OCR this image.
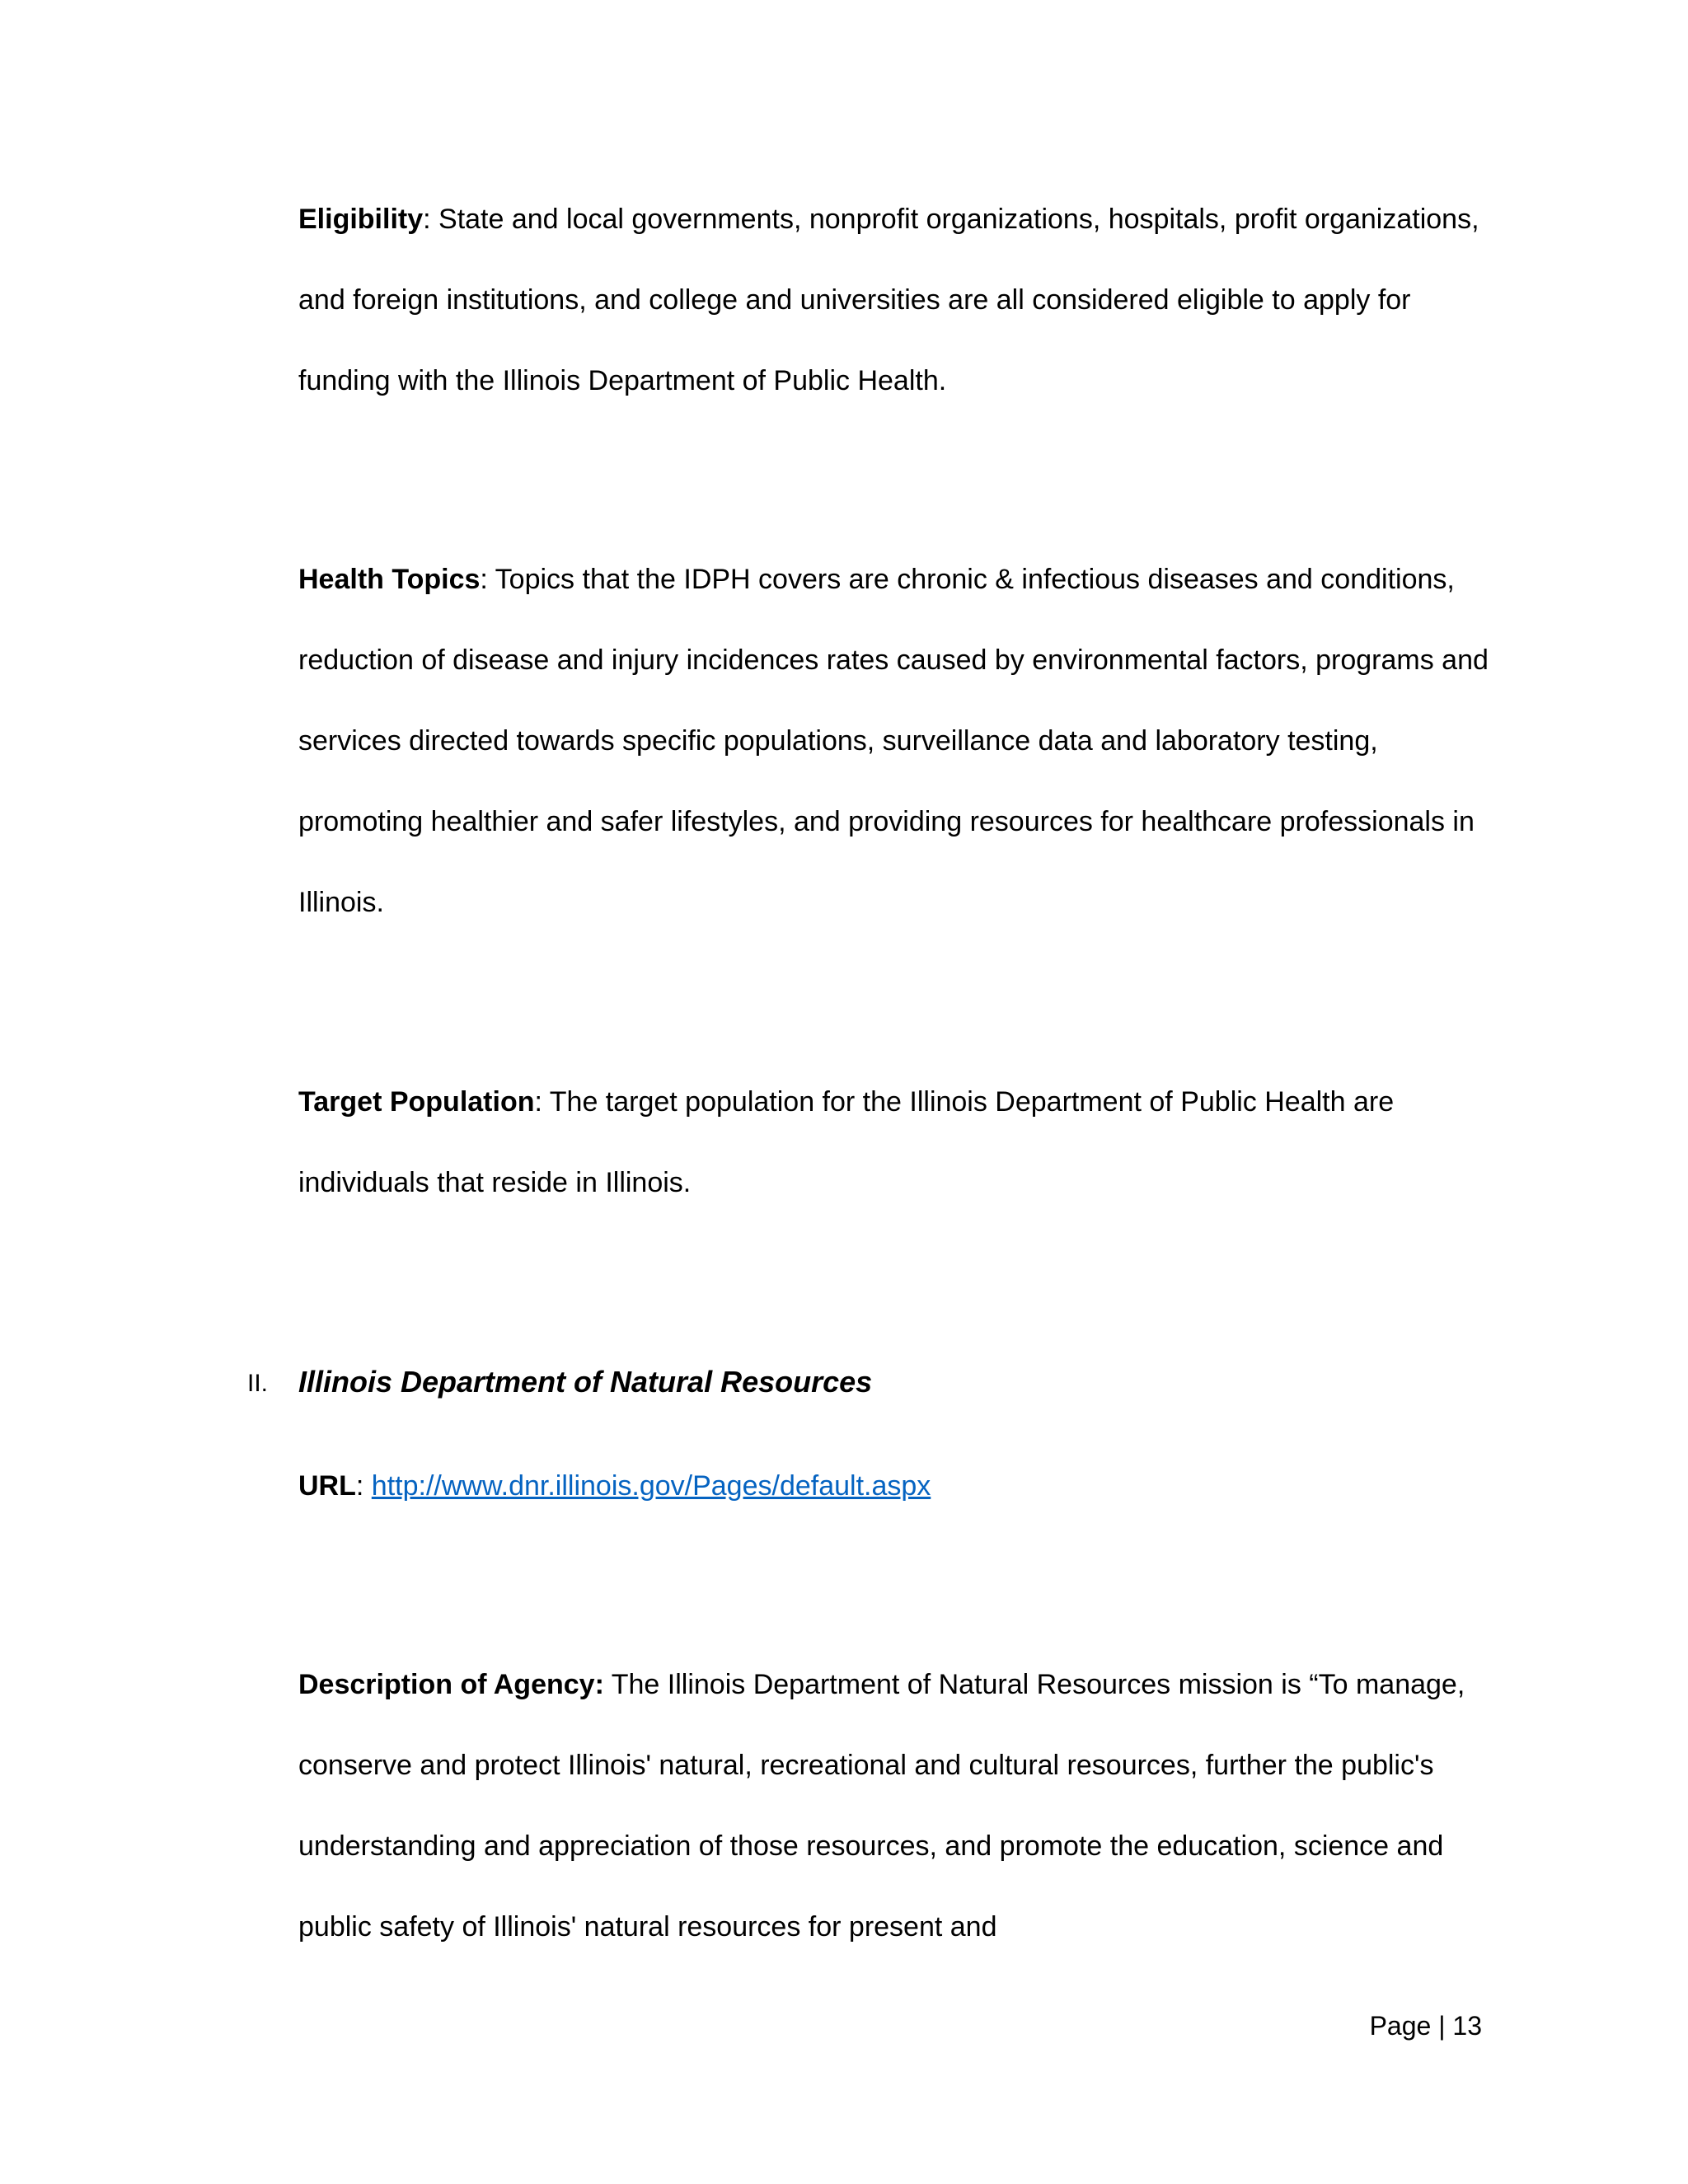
Eligibility: State and local governments, nonprofit organizations, hospitals, profit organizations, and foreign institutions, and college and universities are all considered eligible to apply for funding with the Illinois Department of Public Health.

Health Topics: Topics that the IDPH covers are chronic & infectious diseases and conditions, reduction of disease and injury incidences rates caused by environmental factors, programs and services directed towards specific populations, surveillance data and laboratory testing, promoting healthier and safer lifestyles, and providing resources for healthcare professionals in Illinois.

Target Population: The target population for the Illinois Department of Public Health are individuals that reside in Illinois.

II. Illinois Department of Natural Resources
URL: http://www.dnr.illinois.gov/Pages/default.aspx

Description of Agency: The Illinois Department of Natural Resources mission is “To manage, conserve and protect Illinois' natural, recreational and cultural resources, further the public's understanding and appreciation of those resources, and promote the education, science and public safety of Illinois' natural resources for present and

Page | 13
